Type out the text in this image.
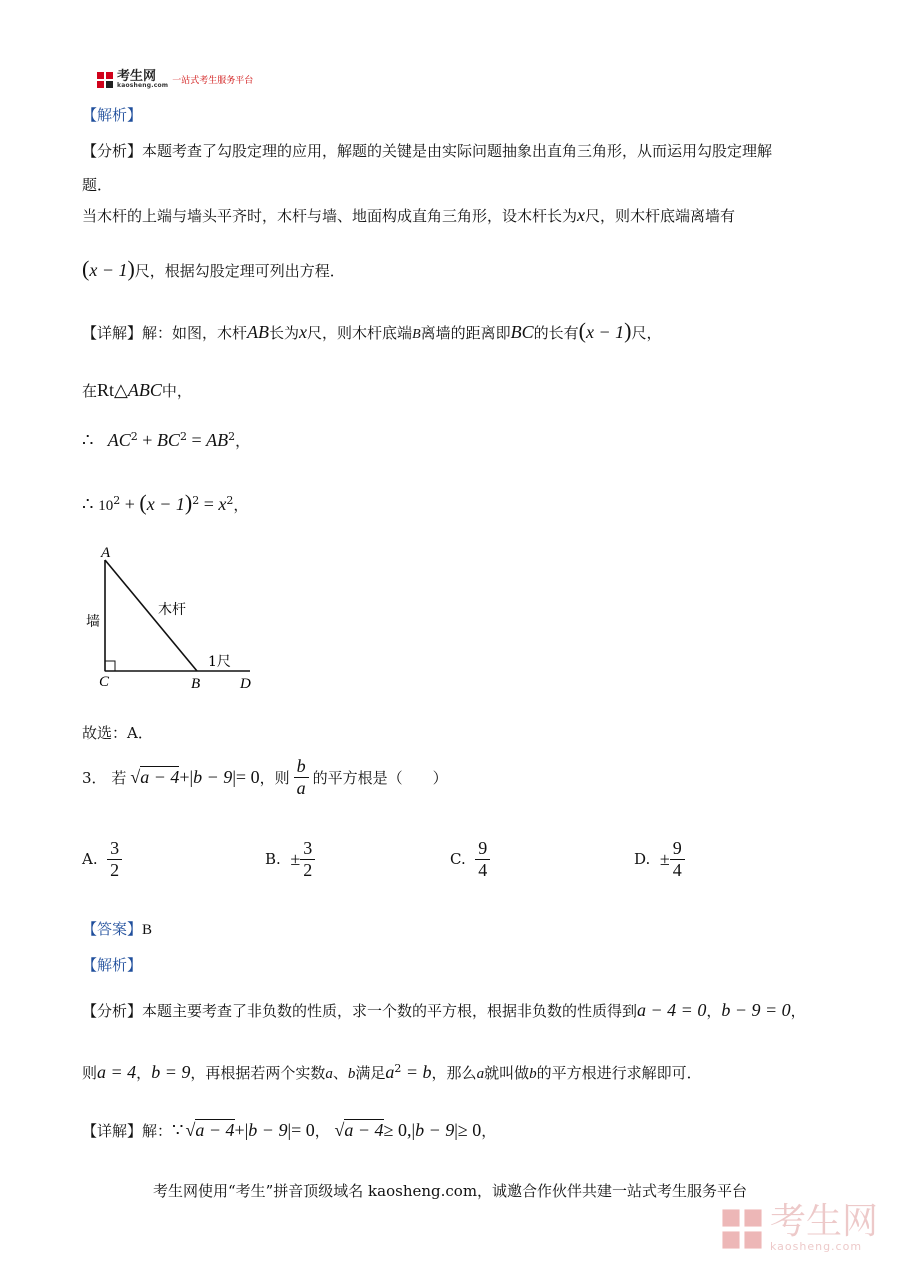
考生网
kaosheng.com 一站式考生服务平台
【解析】
【分析】本题考查了勾股定理的应用，解题的关键是由实际问题抽象出直角三角形，从而运用勾股定理解
题．
当木杆的上端与墙头平齐时，木杆与墙、地面构成直角三角形，设木杆长为x尺，则木杆底端离墙有
(x − 1)尺，根据勾股定理可列出方程．
【详解】解：如图，木杆AB长为x尺，则木杆底端B离墙的距离即BC的长有(x − 1)尺，
在Rt△ABC中，
∴ $AC^2 + BC^2 = AB^2$，
∴ $10^2 + (x - 1)^2 = x^2$，
A
C	B	D
墙
木杆
1尺
故选：A．
3．
若 √a − 4 + |b − 9| = 0 ，则 $\frac{b}{a}$ 的平方根是（　　）
A.
$\frac{3}{2}$	B.
± $\frac{3}{2}$	C.
$\frac{9}{4}$	D.
± $\frac{9}{4}$
【答案】B
【解析】
【分析】本题主要考查了非负数的性质，求一个数的平方根，根据非负数的性质得到a − 4 = 0，b − 9 = 0，
则a = 4，b = 9，再根据若两个实数a、b满足$a^2 = b$，那么a就叫做b的平方根进行求解即可．
【详解】 解： ∵ √a − 4 + |b − 9| = 0 ，
√a − 4 ≥ 0, |b − 9| ≥ 0 ，
考生网使用“考生”拼音顶级域名 kaosheng.com，诚邀合作伙伴共建一站式考生服务平台
考生网
kaosheng.com
